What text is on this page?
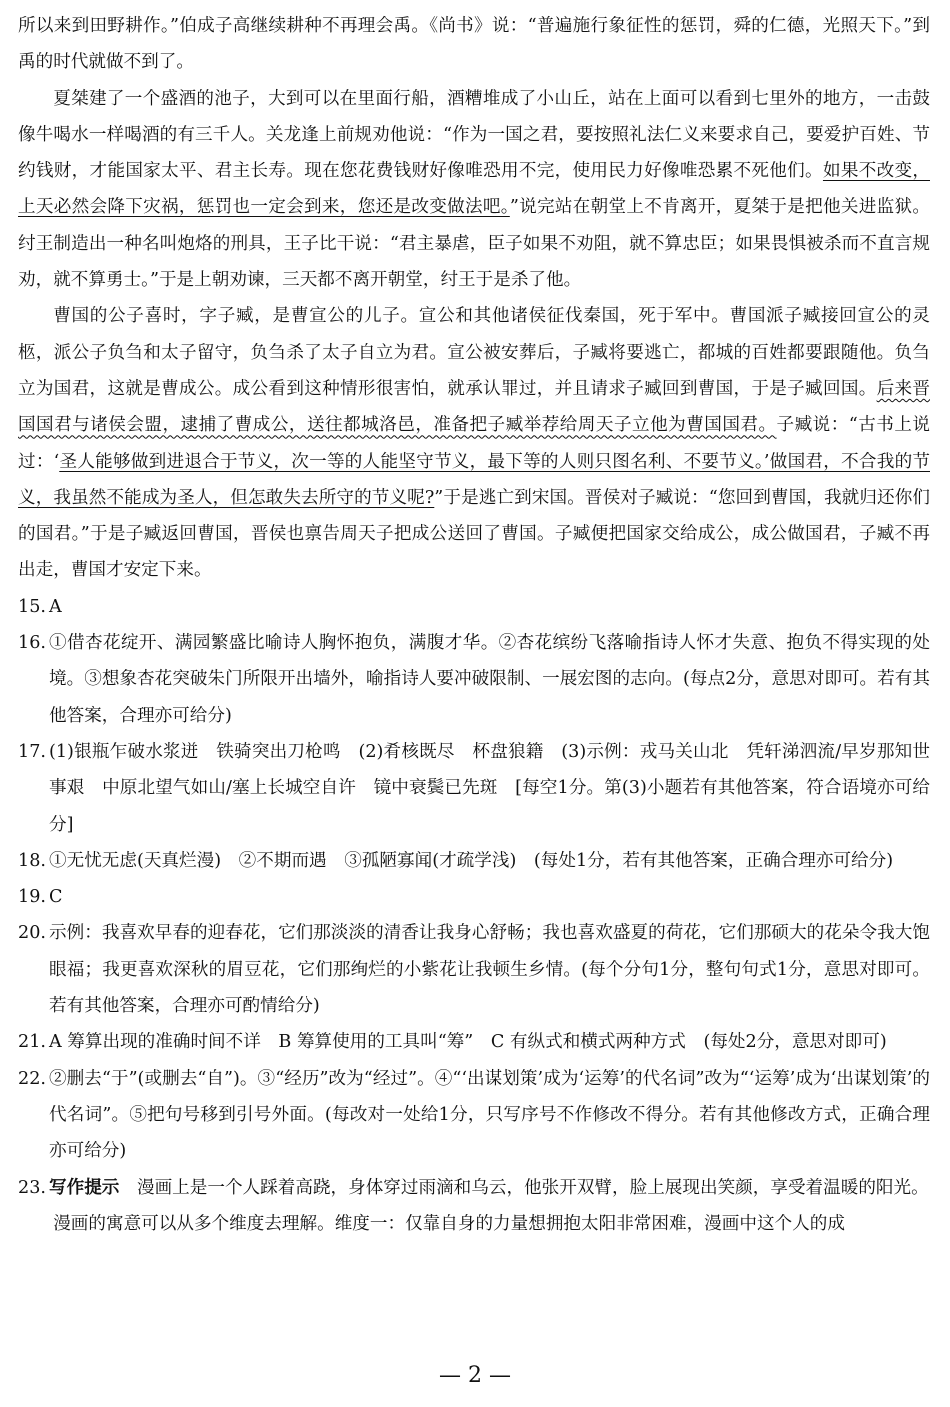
所以来到田野耕作。”伯成子高继续耕种不再理会禹。《尚书》说：“普遍施行象征性的惩罚，舜的仁德，光照天下。”到禹的时代就做不到了。

夏桀建了一个盛酒的池子，大到可以在里面行船，酒糟堆成了小山丘，站在上面可以看到七里外的地方，一击鼓像牛喝水一样喝酒的有三千人。关龙逢上前规劝他说：“作为一国之君，要按照礼法仁义来要求自己，要爱护百姓、节约钱财，才能国家太平、君主长寿。现在您花费钱财好像唯恐用不完，使用民力好像唯恐累不死他们。如果不改变，上天必然会降下灾祸，惩罚也一定会到来，您还是改变做法吧。”说完站在朝堂上不肯离开，夏桀于是把他关进监狱。纣王制造出一种名叫炮烙的刑具，王子比干说：“君主暴虐，臣子如果不劝阻，就不算忠臣；如果畏惧被杀而不直言规劝，就不算勇士。”于是上朝劝谏，三天都不离开朝堂，纣王于是杀了他。

曹国的公子喜时，字子臧，是曹宣公的儿子。宣公和其他诸侯征伐秦国，死于军中。曹国派子臧接回宣公的灵柩，派公子负刍和太子留守，负刍杀了太子自立为君。宣公被安葬后，子臧将要逃亡，都城的百姓都要跟随他。负刍立为国君，这就是曹成公。成公看到这种情形很害怕，就承认罪过，并且请求子臧回到曹国，于是子臧回国。后来晋国国君与诸侯会盟，逮捕了曹成公，送往都城洛邑，准备把子臧举荐给周天子立他为曹国国君。子臧说：“古书上说过：‘圣人能够做到进退合于节义，次一等的人能坚守节义，最下等的人则只图名利、不要节义。’做国君，不合我的节义，我虽然不能成为圣人，但怎敢失去所守的节义呢?”于是逃亡到宋国。晋侯对子臧说：“您回到曹国，我就归还你们的国君。”于是子臧返回曹国，晋侯也禀告周天子把成公送回了曹国。子臧便把国家交给成公，成公做国君，子臧不再出走，曹国才安定下来。

15. A

16. ①借杏花绽开、满园繁盛比喻诗人胸怀抱负，满腹才华。②杏花缤纷飞落喻指诗人怀才失意、抱负不得实现的处境。③想象杏花突破朱门所限开出墙外，喻指诗人要冲破限制、一展宏图的志向。(每点2分，意思对即可。若有其他答案，合理亦可给分)

17. (1)银瓶乍破水浆迸　铁骑突出刀枪鸣　(2)肴核既尽　杯盘狼籍　(3)示例：戎马关山北　凭轩涕泗流/早岁那知世事艰　中原北望气如山/塞上长城空自许　镜中衰鬓已先斑　[每空1分。第(3)小题若有其他答案，符合语境亦可给分]

18. ①无忧无虑(天真烂漫)　②不期而遇　③孤陋寡闻(才疏学浅)　(每处1分，若有其他答案，正确合理亦可给分)

19. C

20. 示例：我喜欢早春的迎春花，它们那淡淡的清香让我身心舒畅；我也喜欢盛夏的荷花，它们那硕大的花朵令我大饱眼福；我更喜欢深秋的眉豆花，它们那绚烂的小紫花让我顿生乡情。(每个分句1分，整句句式1分，意思对即可。若有其他答案，合理亦可酌情给分)

21. A 筹算出现的准确时间不详　B 筹算使用的工具叫“筹”　C 有纵式和横式两种方式　(每处2分，意思对即可)

22. ②删去“于”(或删去“自”)。③“经历”改为“经过”。④“‘出谋划策’成为‘运筹’的代名词”改为“‘运筹’成为‘出谋划策’的代名词”。⑤把句号移到引号外面。(每改对一处给1分，只写序号不作修改不得分。若有其他修改方式，正确合理亦可给分)

23. 写作提示　漫画上是一个人踩着高跷，身体穿过雨滴和乌云，他张开双臂，脸上展现出笑颜，享受着温暖的阳光。

漫画的寓意可以从多个维度去理解。维度一：仅靠自身的力量想拥抱太阳非常困难，漫画中这个人的成

— 2 —
